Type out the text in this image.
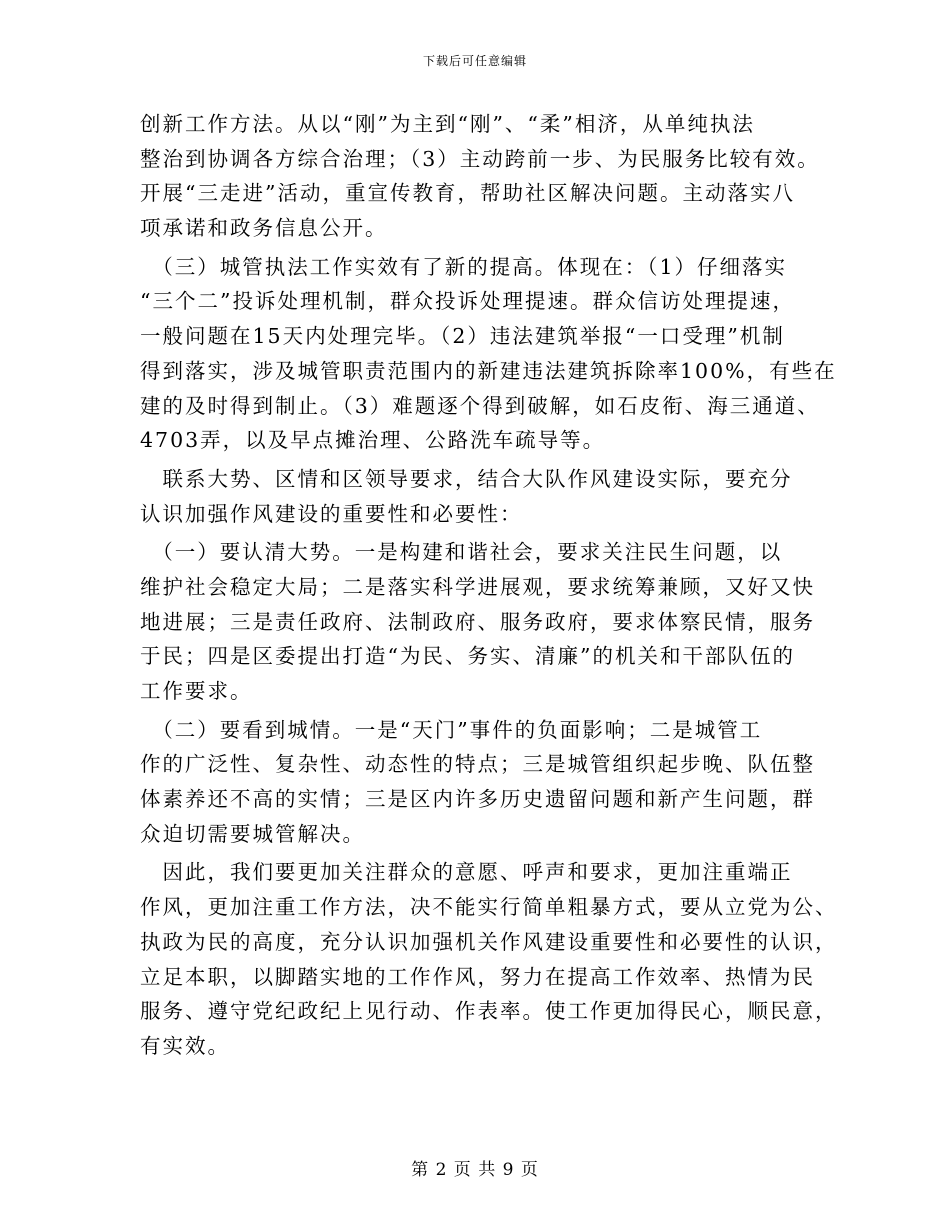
下载后可任意编辑
创新工作方法。从以“刚”为主到“刚”、“柔”相济，从单纯执法
整治到协调各方综合治理；（3）主动跨前一步、为民服务比较有效。
开展“三走进”活动，重宣传教育，帮助社区解决问题。主动落实八
项承诺和政务信息公开。
　（三）城管执法工作实效有了新的提高。体现在：（1）仔细落实
“三个二”投诉处理机制，群众投诉处理提速。群众信访处理提速，
一般问题在15天内处理完毕。（2）违法建筑举报“一口受理”机制
得到落实，涉及城管职责范围内的新建违法建筑拆除率100%，有些在
建的及时得到制止。（3）难题逐个得到破解，如石皮衔、海三通道、
4703弄，以及早点摊治理、公路洗车疏导等。
　联系大势、区情和区领导要求，结合大队作风建设实际，要充分
认识加强作风建设的重要性和必要性：
　（一）要认清大势。一是构建和谐社会，要求关注民生问题，以
维护社会稳定大局；二是落实科学进展观，要求统筹兼顾，又好又快
地进展；三是责任政府、法制政府、服务政府，要求体察民情，服务
于民；四是区委提出打造“为民、务实、清廉”的机关和干部队伍的
工作要求。
　（二）要看到城情。一是“天门”事件的负面影响；二是城管工
作的广泛性、复杂性、动态性的特点；三是城管组织起步晚、队伍整
体素养还不高的实情；三是区内许多历史遗留问题和新产生问题，群
众迫切需要城管解决。
　因此，我们要更加关注群众的意愿、呼声和要求，更加注重端正
作风，更加注重工作方法，决不能实行简单粗暴方式，要从立党为公、
执政为民的高度，充分认识加强机关作风建设重要性和必要性的认识，
立足本职，以脚踏实地的工作作风，努力在提高工作效率、热情为民
服务、遵守党纪政纪上见行动、作表率。使工作更加得民心，顺民意，
有实效。
第 2 页 共 9 页
